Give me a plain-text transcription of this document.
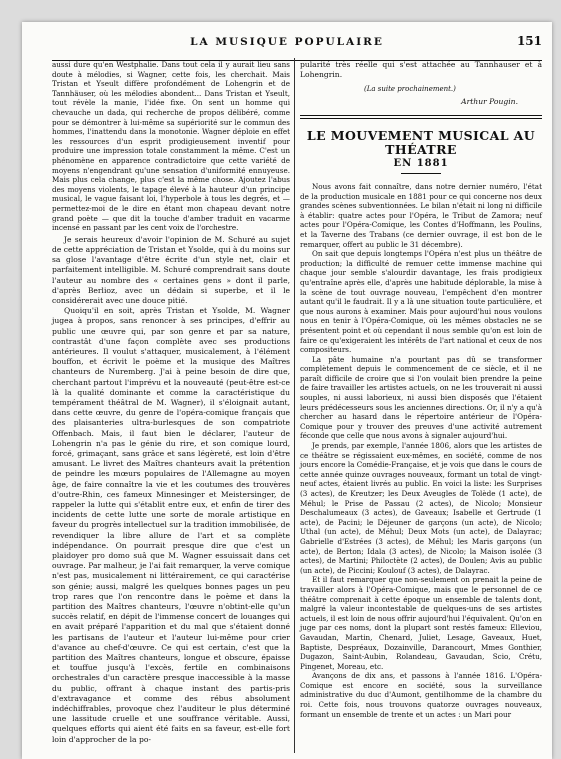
LA MUSIQUE POPULAIRE	151

aussi dure qu'en Westphalie. Dans tout cela il y aurait lieu sans doute à mélodies, si Wagner, cette fois, les cherchait. Mais Tristan et Yseult diffère profondément de Lohengrin et de Tannhäuser, où les mélodies abondent... Dans Tristan et Yseult, tout révèle la manie, l'idée fixe. On sent un homme qui chevauche un dada, qui recherche de propos délibéré, comme pour se démontrer à lui-même sa supériorité sur le commun des hommes, l'inattendu dans la monotonie. Wagner déploie en effet les ressources d'un esprit prodigieusement inventif pour produire une impression totale constamment la même. C'est un phénomène en apparence contradictoire que cette variété de moyens n'engendrant qu'une sensation d'uniformité ennuyeuse. Mais plus cela change, plus c'est la même chose. Ajoutez l'abus des moyens violents, le tapage élevé à la hauteur d'un principe musical, le vague faisant loi, l'hyperbole à tous les degrés, et — permettez-moi de le dire en étant mon chapeau devant notre grand poète — que dit la touche d'amber traduit en vacarme incensé en passant par les cent voix de l'orchestre.

Je serais heureux d'avoir l'opinion de M. Schuré au sujet de cette appréciation de Tristan et Ysolde, qui à du moins sur sa glose l'avantage d'être écrite d'un style net, clair et parfaitement intelligible. M. Schuré comprendrait sans doute l'auteur au nombre des « certaines gens » dont il parle, d'après Berlioz, avec un dédain si superbe, et il le considérerait avec une douce pitié.

Quoiqu'il en soit, après Tristan et Ysolde, M. Wagner jugea à propos, sans renoncer à ses principes, d'effrir au public une œuvre qui, par son genre et par sa nature, contrastât d'une façon complète avec ses productions antérieures. Il voulut s'attaquer, musicalement, à l'élément bouffon, et écrivit le poème et la musique des Maîtres chanteurs de Nuremberg. J'ai à peine besoin de dire que, cherchant partout l'imprévu et la nouveauté (peut-être est-ce là la qualité dominante et comme la caractéristique du tempérament théâtral de M. Wagner), il s'éloignait autant, dans cette œuvre, du genre de l'opéra-comique français que des plaisanteries ultra-burlesques de son compatriote Offenbach. Mais, il faut bien le déclarer, l'auteur de Lohengrin n'a pas le génie du rire, et son comique lourd, forcé, grimaçant, sans grâce et sans légèreté, est loin d'être amusant. Le livret des Maîtres chanteurs avait la prétention de peindre les mœurs populaires de l'Allemagne au moyen âge, de faire connaître la vie et les coutumes des trouvères d'outre-Rhin, ces fameux Minnesinger et Meistersinger, de rappeler la lutte qui s'établit entre eux, et enfin de tirer des incidents de cette lutte une sorte de morale artistique en faveur du progrès intellectuel sur la tradition immobilisée, de revendiquer la libre allure de l'art et sa complète indépendance. On pourrait presque dire que c'est un plaidoyer pro domo suâ que M. Wagner essuissait dans cet ouvrage. Par malheur, je l'ai fait remarquer, la verve comique n'est pas, musicalement ni littérairement, ce qui caractérise son génie; aussi, malgré les quelques bonnes pages un peu trop rares que l'on rencontre dans le poème et dans la partition des Maîtres chanteurs, l'œuvre n'obtint-elle qu'un succès relatif, en dépit de l'immense concert de louanges qui en avait préparé l'apparition et du mal que s'étaient donné les partisans de l'auteur et l'auteur lui-même pour crier d'avance au chef-d'œuvre. Ce qui est certain, c'est que la partition des Maîtres chanteurs, longue et obscure, épaisse et touffue jusqu'à l'excès, fertile en combinaisons orchestrales d'un caractère presque inaccessible à la masse du public, offrant à chaque instant des partis-pris d'extravagance et comme des rébus absolument indéchiffrables, provoque chez l'auditeur le plus déterminé une lassitude cruelle et une souffrance véritable. Aussi, quelques efforts qui aient été faits en sa faveur, est-elle fort loin d'approcher de la po-

pularité très réelle qui s'est attachée au Tannhauser et à Lohengrin.

(La suite prochainement.)

Arthur Pougin.

LE MOUVEMENT MUSICAL AU THÉATRE
EN 1881

Nous avons fait connaître, dans notre dernier numéro, l'état de la production musicale en 1881 pour ce qui concerne nos deux grandes scènes subventionnées. Le bilan n'était ni long ni difficile à établir: quatre actes pour l'Opéra, le Tribut de Zamora; neuf actes pour l'Opéra-Comique, les Contes d'Hoffmann, les Poulins, et la Taverne des Trabans (ce dernier ouvrage, il est bon de le remarquer, offert au public le 31 décembre).

On sait que depuis longtemps l'Opéra n'est plus un théâtre de production; la difficulté de remuer cette immense machine qui chaque jour semble s'alourdir davantage, les frais prodigieux qu'entraîne après elle, d'après une habitude déplorable, la mise à la scène de tout ouvrage nouveau, l'empêchent d'en montrer autant qu'il le faudrait. Il y a là une situation toute particulière, et que nous aurons à examiner. Mais pour aujourd'hui nous voulons nous en tenir à l'Opéra-Comique, où les mêmes obstacles ne se présentent point et où cependant il nous semble qu'on est loin de faire ce qu'exigeraient les intérêts de l'art national et ceux de nos compositeurs.

La pâte humaine n'a pourtant pas dû se transformer complètement depuis le commencement de ce siècle, et il ne paraît difficile de croire que si l'on voulait bien prendre la peine de faire travailler les artistes actuels, on ne les trouverait ni aussi souples, ni aussi laborieux, ni aussi bien disposés que l'étaient leurs prédécesseurs sous les anciennes directions. Or, il n'y a qu'à chercher au hasard dans le répertoire antérieur de l'Opéra-Comique pour y trouver des preuves d'une activité autrement féconde que celle que nous avons à signaler aujourd'hui.

Je prends, par exemple, l'année 1806, alors que les artistes de ce théâtre se régissaient eux-mêmes, en société, comme de nos jours encore la Comédie-Française, et je vois que dans le cours de cette année quinze ouvrages nouveaux, formant un total de vingt-neuf actes, étaient livrés au public. En voici la liste: les Surprises (3 actes), de Kreutzer; les Deux Aveugles de Tolède (1 acte), de Méhul; le Prise de Passau (2 actes), de Nicolo; Monsieur Deschalumeaux (3 actes), de Gaveaux; Isabelle et Gertrude (1 acte), de Pacini; le Déjeuner de garçons (un acte), de Nicolo; Uthal (un acte), de Méhul; Deux Mots (un acte), de Dalayrac; Gabrielle d'Estrées (3 actes), de Méhul; les Maris garçons (un acte), de Berton; Idala (3 actes), de Nicolo; la Maison isolée (3 actes), de Martini; Philoctète (2 actes), de Doulen; Avis au public (un acte), de Piccini; Koulouf (3 actes), de Dalayrac.

Et il faut remarquer que non-seulement on prenait la peine de travailler alors à l'Opéra-Comique, mais que le personnel de ce théâtre comprenait à cette époque un ensemble de talents dont, malgré la valeur incontestable de quelques-uns de ses artistes actuels, il est loin de nous offrir aujourd'hui l'équivalent. Qu'on en juge par ces noms, dont la plupart sont restés fameux: Elleviou, Gavaudan, Martin, Chenard, Juliet, Lesage, Gaveaux, Huet, Baptiste, Despréaux, Dozainville, Darancourt, Mmes Gonthier, Dugazon, Saint-Aubin, Rolandeau, Gavaudan, Scio, Crétu, Pingenet, Moreau, etc.

Avançons de dix ans, et passons à l'année 1816. L'Opéra-Comique est encore en société, sous la surveillance administrative du duc d'Aumont, gentilhomme de la chambre du roi. Cette fois, nous trouvons quatorze ouvrages nouveaux, formant un ensemble de trente et un actes : un Mari pour
